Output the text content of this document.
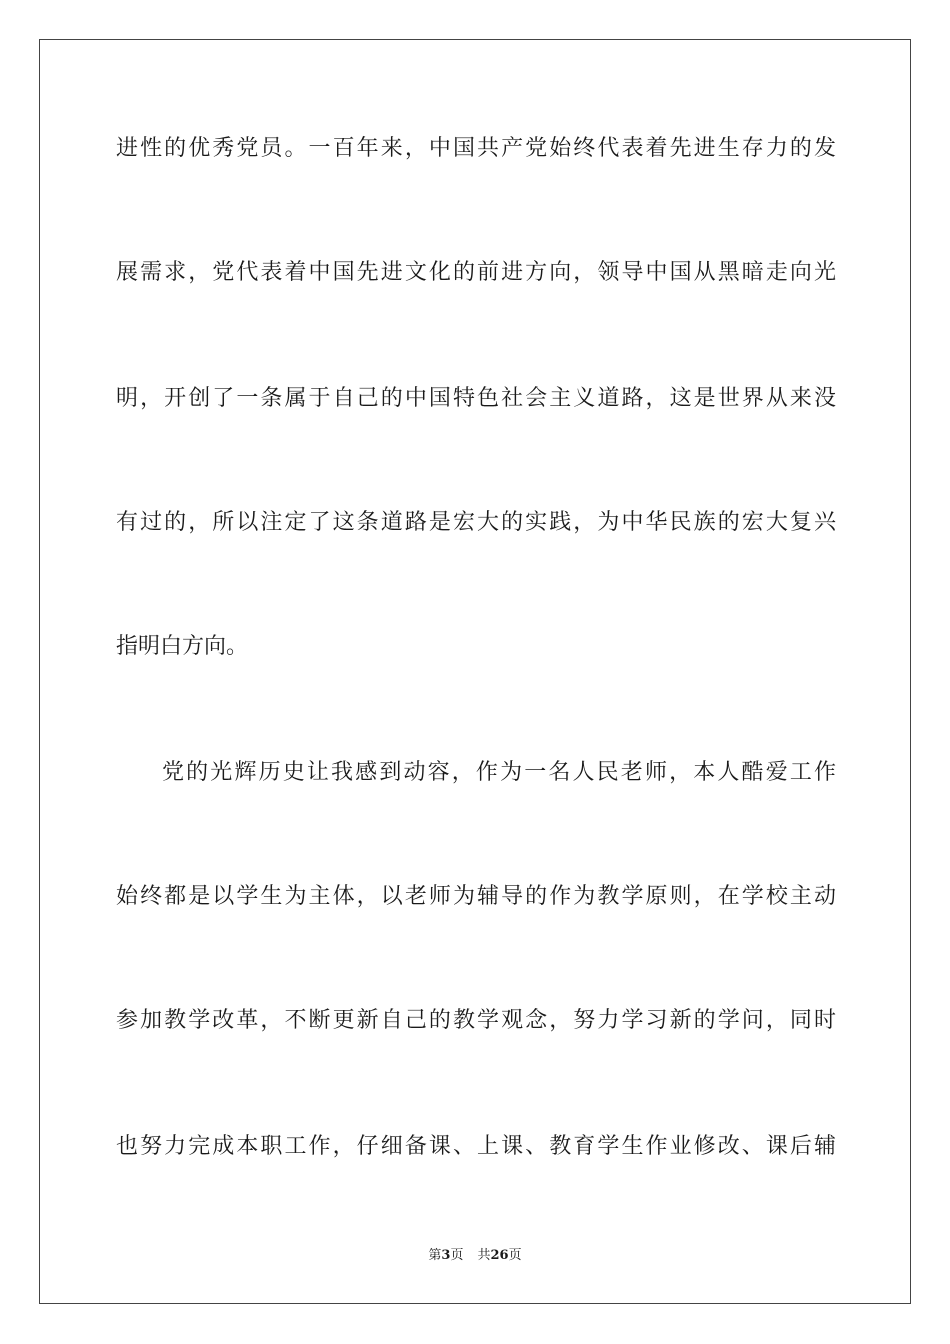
进性的优秀党员。一百年来，中国共产党始终代表着先进生存力的发
展需求，党代表着中国先进文化的前进方向，领导中国从黑暗走向光
明，开创了一条属于自己的中国特色社会主义道路，这是世界从来没
有过的，所以注定了这条道路是宏大的实践，为中华民族的宏大复兴
指明白方向。
党的光辉历史让我感到动容，作为一名人民老师，本人酷爱工作
始终都是以学生为主体，以老师为辅导的作为教学原则，在学校主动
参加教学改革，不断更新自己的教学观念，努力学习新的学问，同时
也努力完成本职工作，仔细备课、上课、教育学生作业修改、课后辅
第3页 共26页
